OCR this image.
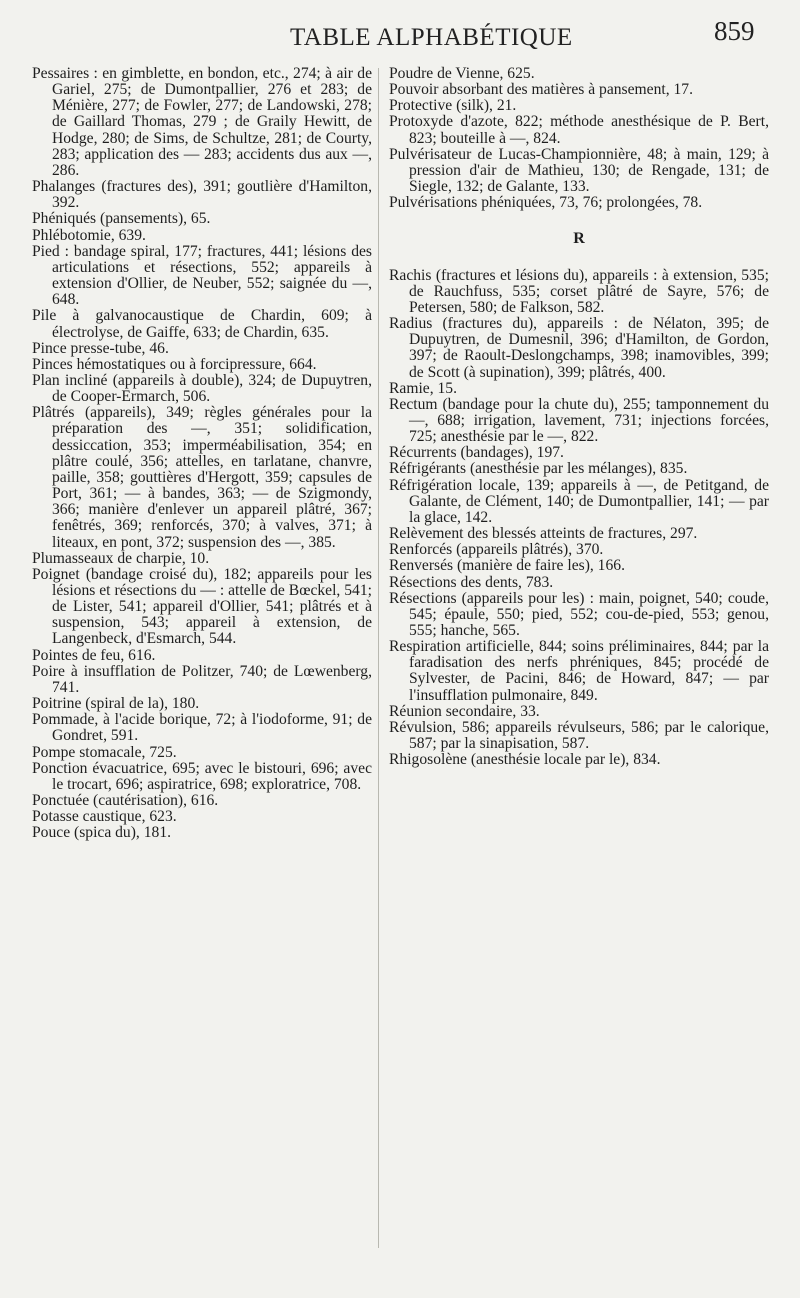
TABLE ALPHABÉTIQUE	859

Pessaires : en gimblette, en bondon, etc., 274; à air de Gariel, 275; de Dumontpallier, 276 et 283; de Ménière, 277; de Fowler, 277; de Landowski, 278; de Gaillard Thomas, 279 ; de Graily Hewitt, de Hodge, 280; de Sims, de Schultze, 281; de Courty, 283; application des — 283; accidents dus aux —, 286.

Phalanges (fractures des), 391; goutlière d'Hamilton, 392.

Phéniqués (pansements), 65.

Phlébotomie, 639.

Pied : bandage spiral, 177; fractures, 441; lésions des articulations et résections, 552; appareils à extension d'Ollier, de Neuber, 552; saignée du —, 648.

Pile à galvanocaustique de Chardin, 609; à électrolyse, de Gaiffe, 633; de Chardin, 635.

Pince presse-tube, 46.

Pinces hémostatiques ou à forcipressure, 664.

Plan incliné (appareils à double), 324; de Dupuytren, de Cooper-Ermarch, 506.

Plâtrés (appareils), 349; règles générales pour la préparation des —, 351; solidification, dessiccation, 353; imperméabilisation, 354; en plâtre coulé, 356; attelles, en tarlatane, chanvre, paille, 358; gouttières d'Hergott, 359; capsules de Port, 361; — à bandes, 363; — de Szigmondy, 366; manière d'enlever un appareil plâtré, 367; fenêtrés, 369; renforcés, 370; à valves, 371; à liteaux, en pont, 372; suspension des —, 385.

Plumasseaux de charpie, 10.

Poignet (bandage croisé du), 182; appareils pour les lésions et résections du — : attelle de Bœckel, 541; de Lister, 541; appareil d'Ollier, 541; plâtrés et à suspension, 543; appareil à extension, de Langenbeck, d'Esmarch, 544.

Pointes de feu, 616.

Poire à insufflation de Politzer, 740; de Lœwenberg, 741.

Poitrine (spiral de la), 180.

Pommade, à l'acide borique, 72; à l'iodoforme, 91; de Gondret, 591.

Pompe stomacale, 725.

Ponction évacuatrice, 695; avec le bistouri, 696; avec le trocart, 696; aspiratrice, 698; exploratrice, 708.

Ponctuée (cautérisation), 616.

Potasse caustique, 623.

Pouce (spica du), 181.

Poudre de Vienne, 625.

Pouvoir absorbant des matières à pansement, 17.

Protective (silk), 21.

Protoxyde d'azote, 822; méthode anesthésique de P. Bert, 823; bouteille à —, 824.

Pulvérisateur de Lucas-Championnière, 48; à main, 129; à pression d'air de Mathieu, 130; de Rengade, 131; de Siegle, 132; de Galante, 133.

Pulvérisations phéniquées, 73, 76; prolongées, 78.

R

Rachis (fractures et lésions du), appareils : à extension, 535; de Rauchfuss, 535; corset plâtré de Sayre, 576; de Petersen, 580; de Falkson, 582.

Radius (fractures du), appareils : de Nélaton, 395; de Dupuytren, de Dumesnil, 396; d'Hamilton, de Gordon, 397; de Raoult-Deslongchamps, 398; inamovibles, 399; de Scott (à supination), 399; plâtrés, 400.

Ramie, 15.

Rectum (bandage pour la chute du), 255; tamponnement du —, 688; irrigation, lavement, 731; injections forcées, 725; anesthésie par le —, 822.

Récurrents (bandages), 197.

Réfrigérants (anesthésie par les mélanges), 835.

Réfrigération locale, 139; appareils à —, de Petitgand, de Galante, de Clément, 140; de Dumontpallier, 141; — par la glace, 142.

Relèvement des blessés atteints de fractures, 297.

Renforcés (appareils plâtrés), 370.

Renversés (manière de faire les), 166.

Résections des dents, 783.

Résections (appareils pour les) : main, poignet, 540; coude, 545; épaule, 550; pied, 552; cou-de-pied, 553; genou, 555; hanche, 565.

Respiration artificielle, 844; soins préliminaires, 844; par la faradisation des nerfs phréniques, 845; procédé de Sylvester, de Pacini, 846; de Howard, 847; — par l'insufflation pulmonaire, 849.

Réunion secondaire, 33.

Révulsion, 586; appareils révulseurs, 586; par le calorique, 587; par la sinapisation, 587.

Rhigosolène (anesthésie locale par le), 834.
